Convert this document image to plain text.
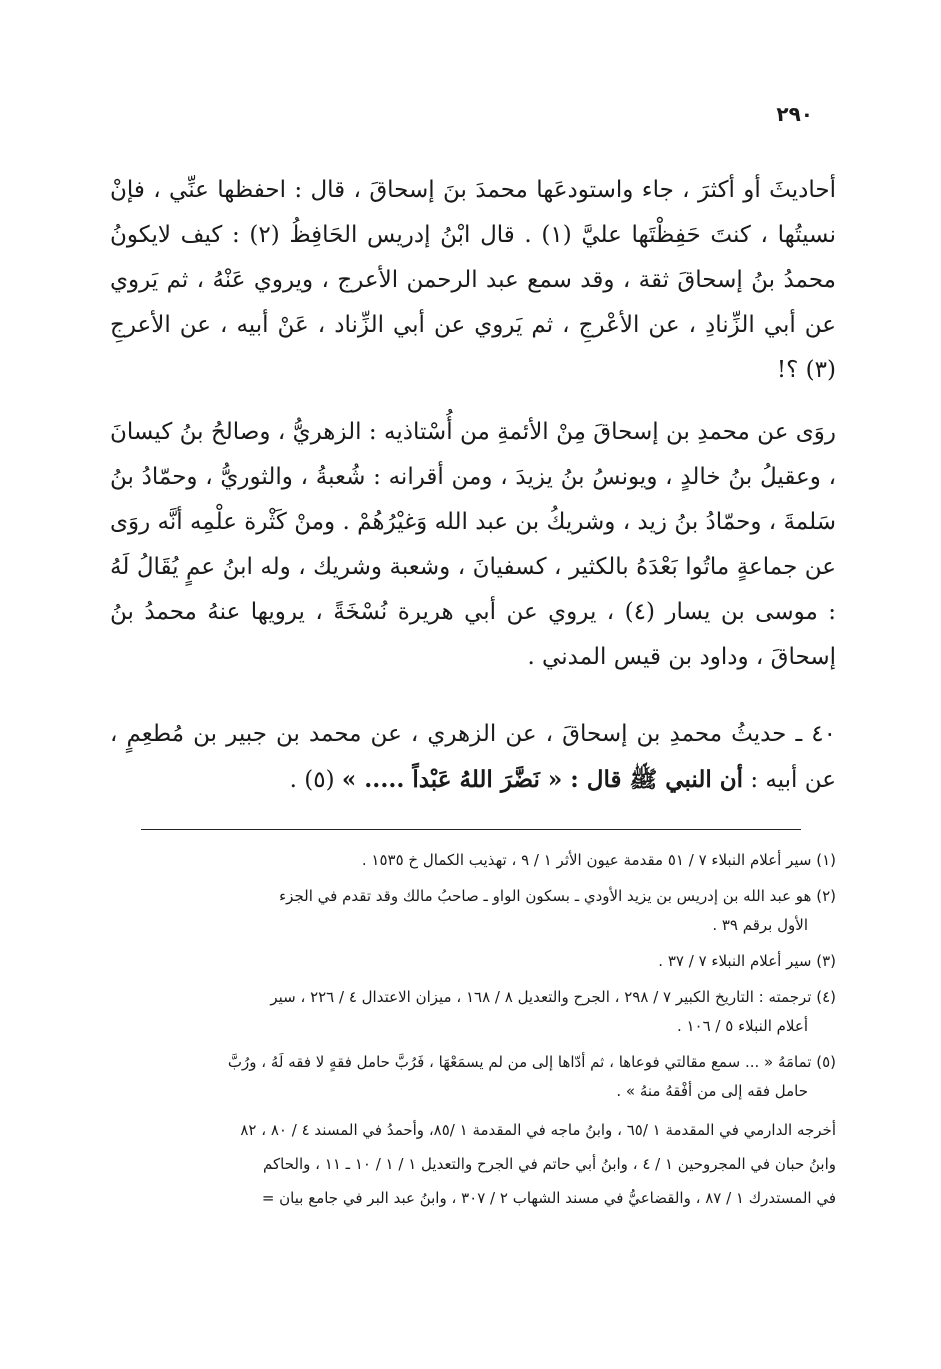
٢٩٠

أحاديثَ أو أكثرَ ، جاء واستودعَها محمدَ بنَ إسحاقَ ، قال : احفظها عنِّي ، فإنْ نسيتُها ، كنتَ حَفِظْتَها عليَّ (١) . قال ابْنُ إدريس الحَافِظُ (٢) : كيف لايكونُ محمدُ بنُ إسحاقَ ثقة ، وقد سمع عبد الرحمن الأعرج ، ويروي عَنْهُ ، ثم يَروي عن أبي الزِّنادِ ، عن الأعْرجِ ، ثم يَروي عن أبي الزِّناد ، عَنْ أبيه ، عن الأعرجِ (٣) ؟!

روَى عن محمدِ بن إسحاقَ مِنْ الأئمةِ من أُسْتاذيه : الزهريُّ ، وصالحُ بنُ كيسانَ ، وعقيلُ بنُ خالدٍ ، ويونسُ بنُ يزيدَ ، ومن أقرانه : شُعبةُ ، والثوريُّ ، وحمّادُ بنُ سَلمةَ ، وحمّادُ بنُ زيد ، وشريكُ بن عبد الله وَغيْرُهُمْ . ومنْ كَثْرة علْمِه أنَّه روَى عن جماعةٍ ماتُوا بَعْدَهُ بالكثير ، كسفيانَ ، وشعبة وشريك ، وله ابنُ عمٍ يُقَالُ لَهُ : موسى بن يسار (٤) ، يروي عن أبي هريرة نُسْخَةً ، يرويها عنهُ محمدُ بنُ إسحاقَ ، وداود بن قيس المدني .

٤٠ ـ حديثُ محمدِ بن إسحاقَ ، عن الزهري ، عن محمد بن جبير بن مُطعِمٍ ، عن أبيه : أن النبي ﷺ قال : « نَضَّرَ اللهُ عَبْداً ..... » (٥) .

(١) سير أعلام النبلاء ٧ / ٥١ مقدمة عيون الأثر ١ / ٩ ، تهذيب الكمال خ ١٥٣٥ .

(٢) هو عبد الله بن إدريس بن يزيد الأودي ـ بسكون الواو ـ صاحبُ مالك وقد تقدم في الجزء
الأول برقم ٣٩ .

(٣) سير أعلام النبلاء ٧ / ٣٧ .

(٤) ترجمته : التاريخ الكبير ٧ / ٢٩٨ ، الجرح والتعديل ٨ / ١٦٨ ، ميزان الاعتدال ٤ / ٢٢٦ ، سير
أعلام النبلاء ٥ / ١٠٦ .

(٥) تمامَهُ « ... سمع مقالتي فوعاها ، ثم أدّاها إلى من لم يسمَعْهَا ، فَرُبَّ حامل فقهٍ لا فقه لَهُ ، ورُبَّ
حامل فقه إلى من أفْقهُ منهُ » .

أخرجه الدارمي في المقدمة ١ /٦٥ ، وابنُ ماجه في المقدمة ١ /٨٥، وأحمدُ في المسند ٤ / ٨٠ ، ٨٢
وابنُ حبان في المجروحين ١ / ٤ ، وابنُ أبي حاتم في الجرح والتعديل ١ / ١ / ١٠ ـ ١١ ، والحاكم
في المستدرك ١ / ٨٧ ، والقضاعيُّ في مسند الشهاب ٢ / ٣٠٧ ، وابنُ عبد البر في جامع بيان =
